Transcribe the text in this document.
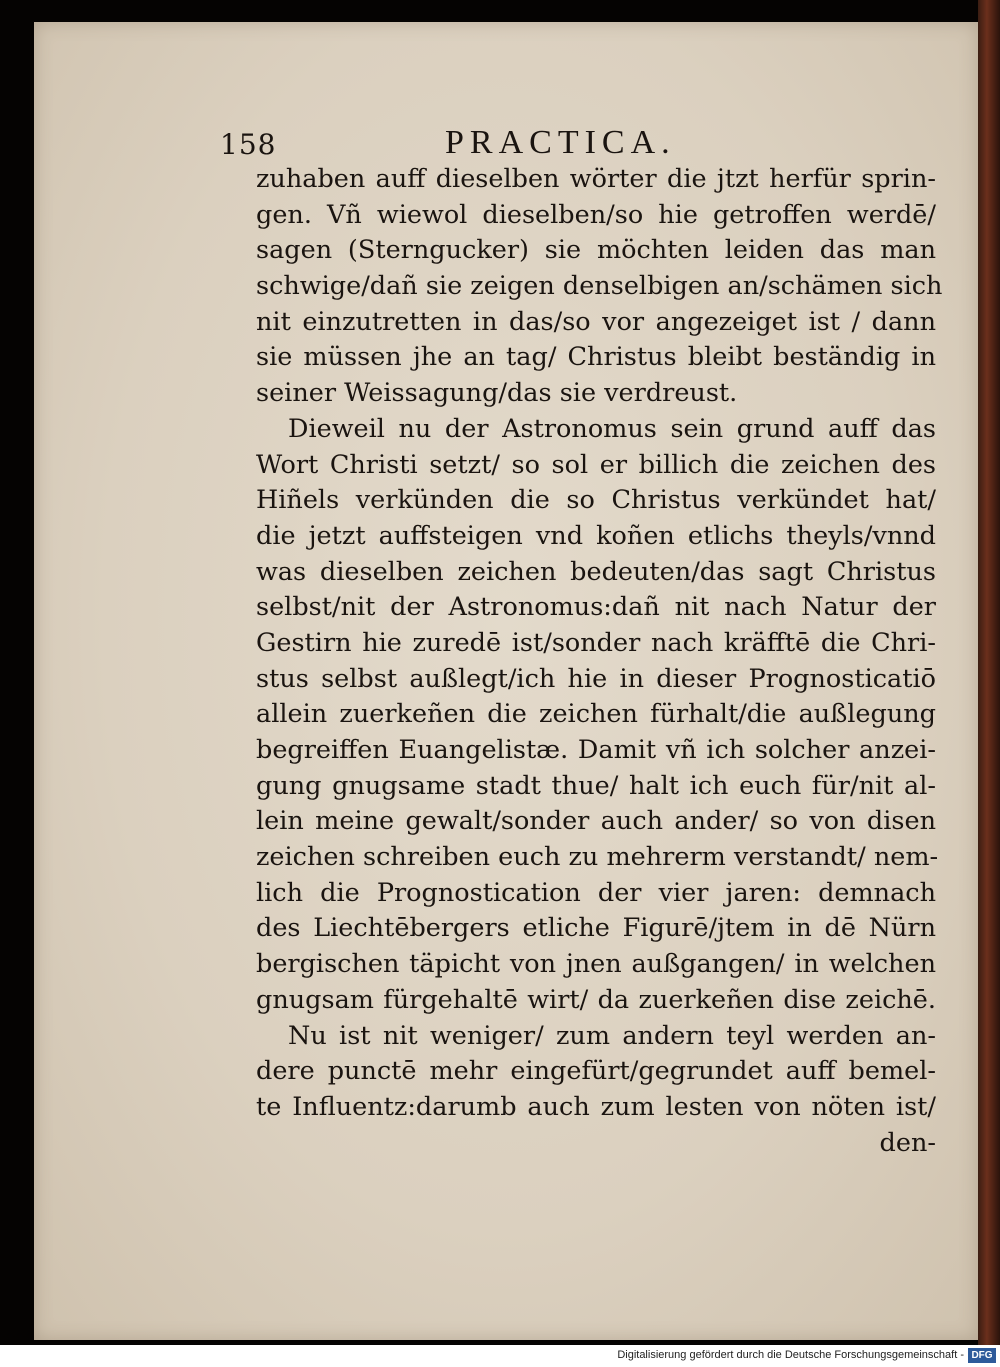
158	PRACTICA.
zuhaben auff dieselben wörter die jtzt herfür sprin-
gen. Vñ wiewol dieselben/so hie getroffen werdē/
sagen (Sterngucker) sie möchten leiden das man
schwige/dañ sie zeigen denselbigen an/schämen sich
nit einzutretten in das/so vor angezeiget ist / dann
sie müssen jhe an tag/ Christus bleibt beständig in
seiner Weissagung/das sie verdreust.
Dieweil nu der Astronomus sein grund auff das
Wort Christi setzt/ so sol er billich die zeichen des
Hiñels verkünden die so Christus verkündet hat/
die jetzt auffsteigen vnd koñen etlichs theyls/vnnd
was dieselben zeichen bedeuten/das sagt Christus
selbst/nit der Astronomus:dañ nit nach Natur der
Gestirn hie zuredē ist/sonder nach kräfftē die Chri-
stus selbst außlegt/ich hie in dieser Prognosticatiō
allein zuerkeñen die zeichen fürhalt/die außlegung
begreiffen Euangelistæ. Damit vñ ich solcher anzei-
gung gnugsame stadt thue/ halt ich euch für/nit al-
lein meine gewalt/sonder auch ander/ so von disen
zeichen schreiben euch zu mehrerm verstandt/ nem-
lich die Prognostication der vier jaren: demnach
des Liechtēbergers etliche Figurē/jtem in dē Nürn
bergischen täpicht von jnen außgangen/ in welchen
gnugsam fürgehaltē wirt/ da zuerkeñen dise zeichē.
Nu ist nit weniger/ zum andern teyl werden an-
dere punctē mehr eingefürt/gegrundet auff bemel-
te Influentz:darumb auch zum lesten von nöten ist/
den-
Digitalisierung gefördert durch die Deutsche Forschungsgemeinschaft - DFG
